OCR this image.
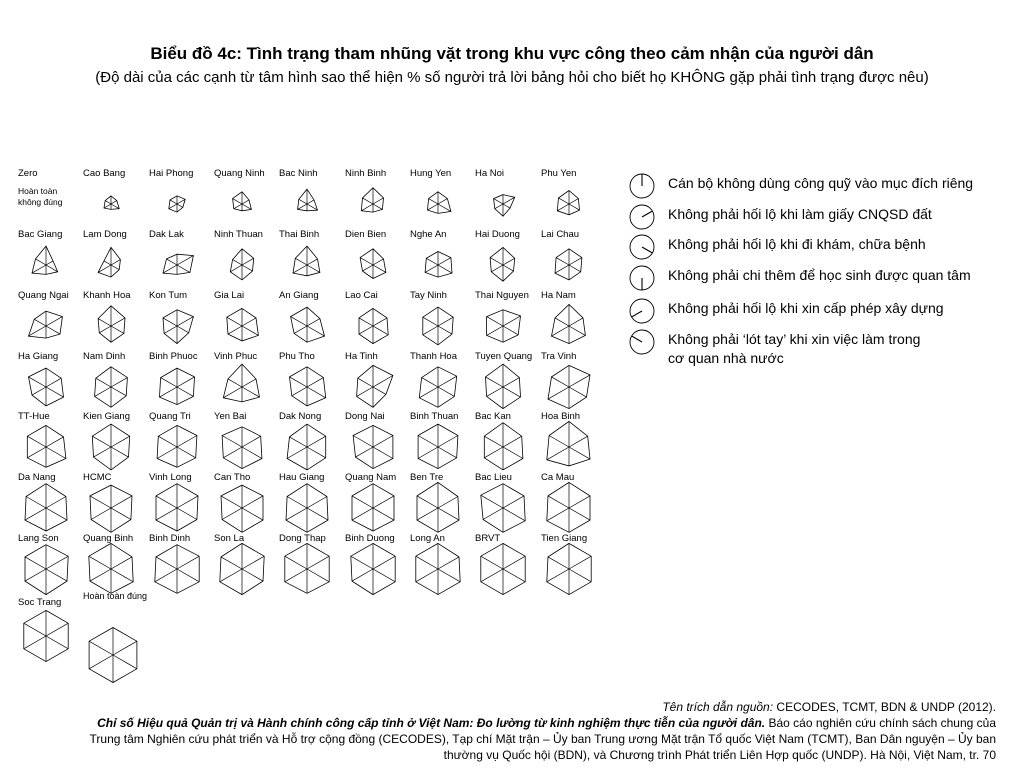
Biểu đồ 4c: Tình trạng tham nhũng vặt trong khu vực công theo cảm nhận của người dân

(Độ dài của các cạnh từ tâm hình sao thể hiện % số người trả lời bảng hỏi cho biết họ KHÔNG gặp phải tình trạng được nêu)

Zero
Hoàn toàn
không đúng
Cao Bang Hai Phong Quang Ninh Bac Ninh	Ninh Binh	Hung Yen	Ha Noi	Phu Yen
Bac Giang Lam Dong Dak Lak	Ninh Thuan Thai Binh	Dien Bien	Nghe An	Hai Duong Lai Chau
Quang Ngai Khanh Hoa Kon Tum	Gia Lai	An Giang	Lao Cai	Tay Ninh	Thai Nguyen Ha Nam
Ha Giang	Nam Dinh	Binh Phuoc Vinh Phuc Phu Tho	Ha Tinh	Thanh Hoa Tuyen Quang Tra Vinh
TT-Hue	Kien Giang Quang Tri Yen Bai	Dak Nong	Dong Nai	Binh Thuan Bac Kan	Hoa Binh
Da Nang	HCMC	Vinh Long Can Tho	Hau Giang Quang Nam Ben Tre	Bac Lieu	Ca Mau
Lang Son	Quang Binh Binh Dinh	Son La	Dong Thap Binh Duong Long An	BRVT	Tien Giang
Soc Trang
Hoàn toàn đúng
Cán bộ không dùng công quỹ vào mục đích riêng
Không phải hối lộ khi làm giấy CNQSD đất
Không phải hối lộ khi đi khám, chữa bệnh
Không phải chi thêm để học sinh được quan tâm
Không phải hối lộ khi xin cấp phép xây dựng
Không phải ‘lót tay’ khi xin việc làm trong
cơ quan nhà nước
Tên trích dẫn nguồn: CECODES, TCMT, BDN & UNDP (2012).
Chỉ số Hiệu quả Quản trị và Hành chính công cấp tỉnh ở Việt Nam: Đo lường từ kinh nghiệm thực tiễn của người dân. Báo cáo nghiên cứu chính sách chung của
Trung tâm Nghiên cứu phát triển và Hỗ trợ cộng đồng (CECODES), Tạp chí Mặt trận – Ủy ban Trung ương Mặt trận Tổ quốc Việt Nam (TCMT), Ban Dân nguyện – Ủy ban
thường vụ Quốc hội (BDN), và Chương trình Phát triển Liên Hợp quốc (UNDP). Hà Nội, Việt Nam, tr. 70
